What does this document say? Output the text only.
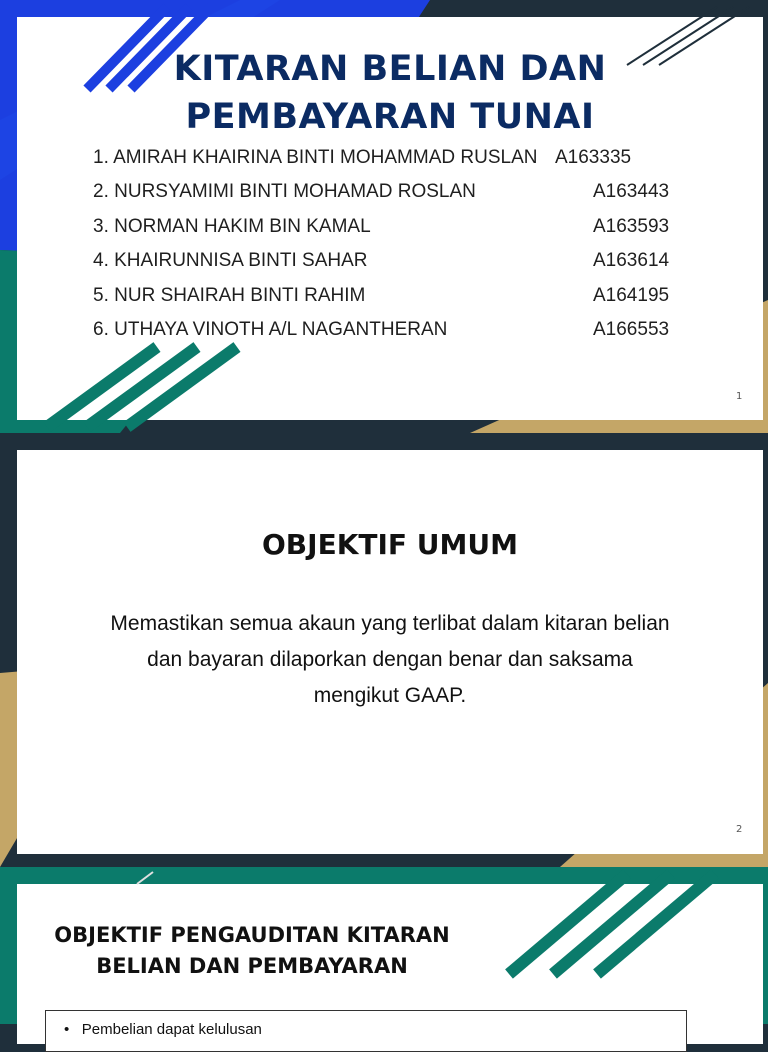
KITARAN BELIAN DAN
PEMBAYARAN TUNAI
1. AMIRAH KHAIRINA BINTI MOHAMMAD RUSLAN A163335
2. NURSYAMIMI BINTI MOHAMAD ROSLAN	A163443
3. NORMAN HAKIM BIN KAMAL	A163593
4. KHAIRUNNISA BINTI SAHAR	A163614
5. NUR SHAIRAH BINTI RAHIM	A164195
6. UTHAYA VINOTH A/L NAGANTHERAN	A166553
1
OBJEKTIF UMUM
Memastikan semua akaun yang terlibat dalam kitaran belian dan bayaran dilaporkan dengan benar dan saksama mengikut GAAP.
2
OBJEKTIF PENGAUDITAN KITARAN
BELIAN DAN PEMBAYARAN
•   Pembelian dapat kelulusan
